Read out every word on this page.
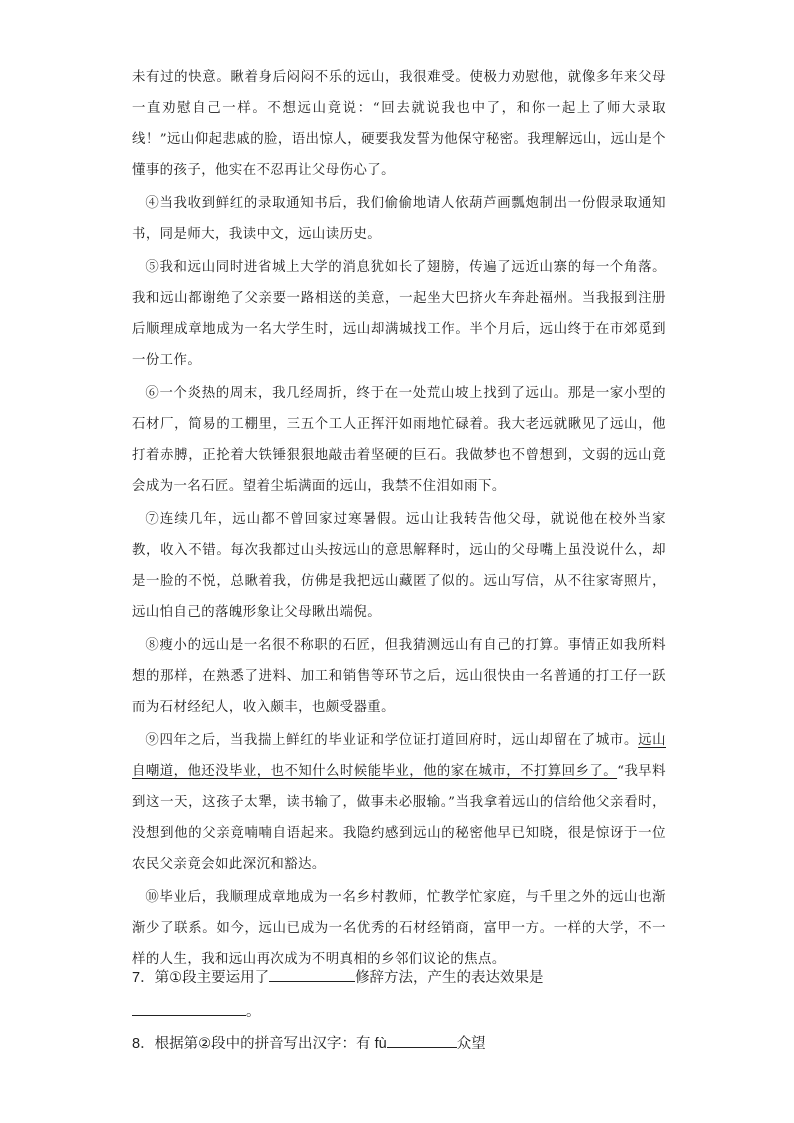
未有过的快意。瞅着身后闷闷不乐的远山，我很难受。使极力劝慰他，就像多年来父母一直劝慰自己一样。不想远山竟说：“回去就说我也中了，和你一起上了师大录取线！”远山仰起悲戚的脸，语出惊人，硬要我发誓为他保守秘密。我理解远山，远山是个懂事的孩子，他实在不忍再让父母伤心了。

④当我收到鲜红的录取通知书后，我们偷偷地请人依葫芦画瓢炮制出一份假录取通知书，同是师大，我读中文，远山读历史。

⑤我和远山同时进省城上大学的消息犹如长了翅膀，传遍了远近山寨的每一个角落。我和远山都谢绝了父亲要一路相送的美意，一起坐大巴挤火车奔赴福州。当我报到注册后顺理成章地成为一名大学生时，远山却满城找工作。半个月后，远山终于在市郊觅到一份工作。

⑥一个炎热的周末，我几经周折，终于在一处荒山坡上找到了远山。那是一家小型的石材厂，简易的工棚里，三五个工人正挥汗如雨地忙碌着。我大老远就瞅见了远山，他打着赤膊，正抡着大铁锤狠狠地敲击着坚硬的巨石。我做梦也不曾想到，文弱的远山竟会成为一名石匠。望着尘垢满面的远山，我禁不住泪如雨下。

⑦连续几年，远山都不曾回家过寒暑假。远山让我转告他父母，就说他在校外当家教，收入不错。每次我都过山头按远山的意思解释时，远山的父母嘴上虽没说什么，却是一脸的不悦，总瞅着我，仿佛是我把远山藏匿了似的。远山写信，从不往家寄照片，远山怕自己的落魄形象让父母瞅出端倪。

⑧瘦小的远山是一名很不称职的石匠，但我猜测远山有自己的打算。事情正如我所料想的那样，在熟悉了进料、加工和销售等环节之后，远山很快由一名普通的打工仔一跃而为石材经纪人，收入颇丰，也颇受器重。

⑨四年之后，当我揣上鲜红的毕业证和学位证打道回府时，远山却留在了城市。远山自嘲道，他还没毕业，也不知什么时候能毕业，他的家在城市，不打算回乡了。“我早料到这一天，这孩子太犟，读书输了，做事未必服输。”当我拿着远山的信给他父亲看时，没想到他的父亲竟喃喃自语起来。我隐约感到远山的秘密他早已知晓，很是惊讶于一位农民父亲竟会如此深沉和豁达。

⑩毕业后，我顺理成章地成为一名乡村教师，忙教学忙家庭，与千里之外的远山也渐渐少了联系。如今，远山已成为一名优秀的石材经销商，富甲一方。一样的大学，不一样的人生，我和远山再次成为不明真相的乡邻们议论的焦点。

7．第①段主要运用了	修辞方法，产生的表达效果是
。
8．根据第②段中的拼音写出汉字：有 fù	众望
